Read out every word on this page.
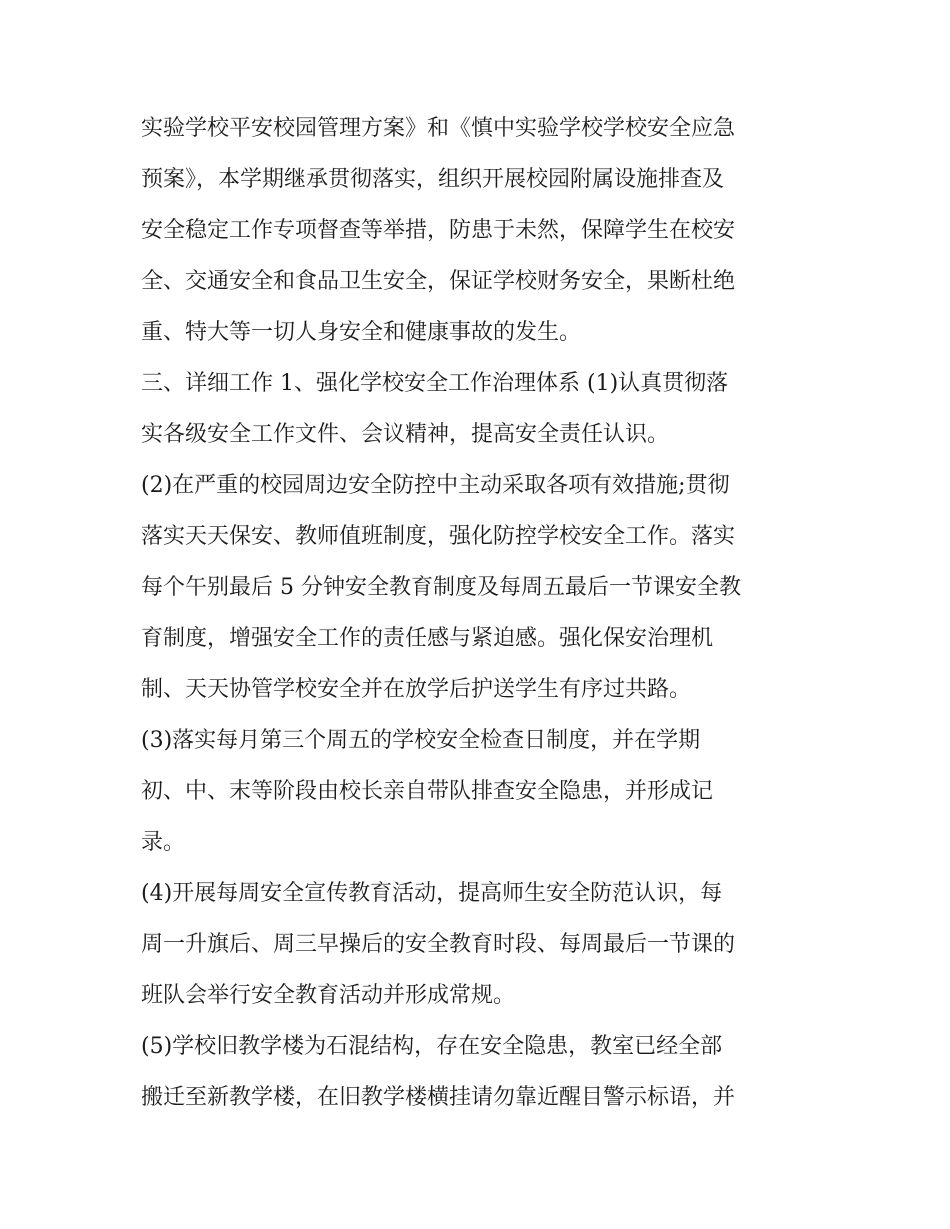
实验学校平安校园管理方案》和《慎中实验学校学校安全应急
预案》，本学期继承贯彻落实，组织开展校园附属设施排查及
安全稳定工作专项督查等举措，防患于未然，保障学生在校安
全、交通安全和食品卫生安全，保证学校财务安全，果断杜绝
重、特大等一切人身安全和健康事故的发生。
三、详细工作 1、强化学校安全工作治理体系 (1)认真贯彻落
实各级安全工作文件、会议精神，提高安全责任认识。
(2)在严重的校园周边安全防控中主动采取各项有效措施;贯彻
落实天天保安、教师值班制度，强化防控学校安全工作。落实
每个午别最后 5 分钟安全教育制度及每周五最后一节课安全教
育制度，增强安全工作的责任感与紧迫感。强化保安治理机
制、天天协管学校安全并在放学后护送学生有序过共路。
(3)落实每月第三个周五的学校安全检查日制度，并在学期
初、中、末等阶段由校长亲自带队排查安全隐患，并形成记
录。
(4)开展每周安全宣传教育活动，提高师生安全防范认识，每
周一升旗后、周三早操后的安全教育时段、每周最后一节课的
班队会举行安全教育活动并形成常规。
(5)学校旧教学楼为石混结构，存在安全隐患，教室已经全部
搬迁至新教学楼，在旧教学楼横挂请勿靠近醒目警示标语，并
